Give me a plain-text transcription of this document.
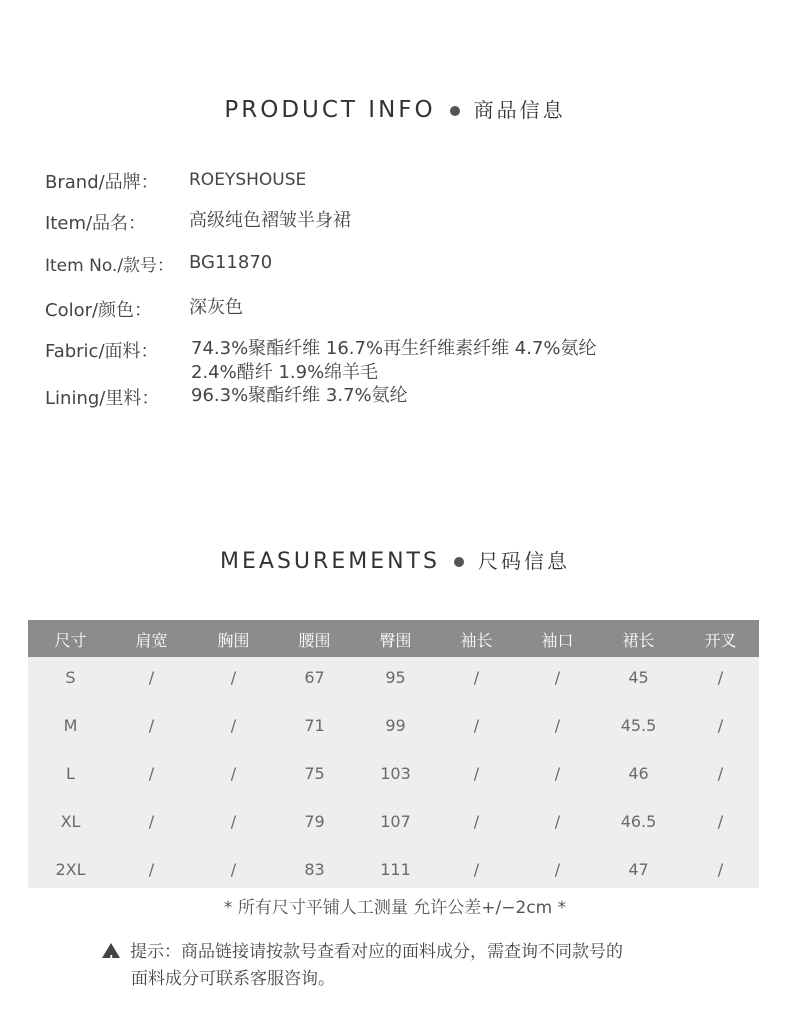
PRODUCT INFO 商品信息
Brand/品牌： ROEYSHOUSE
Item/品名： 高级纯色褶皱半身裙
Item No./款号： BG11870
Color/颜色： 深灰色
Fabric/面料： 74.3%聚酯纤维 16.7%再生纤维素纤维 4.7%氨纶
2.4%醋纤 1.9%绵羊毛
Lining/里料： 96.3%聚酯纤维 3.7%氨纶
MEASUREMENTS 尺码信息
尺寸	肩宽	胸围	腰围	臀围	袖长	袖口	裙长	开叉
S	/	/	67	95	/	/	45	/
M	/	/	71	99	/	/	45.5	/
L	/	/	75	103	/	/	46	/
XL	/	/	79	107	/	/	46.5	/
2XL	/	/	83	111	/	/	47	/
* 所有尺寸平铺人工测量 允许公差+/−2cm *
!提示：商品链接请按款号查看对应的面料成分，需查询不同款号的
面料成分可联系客服咨询。
